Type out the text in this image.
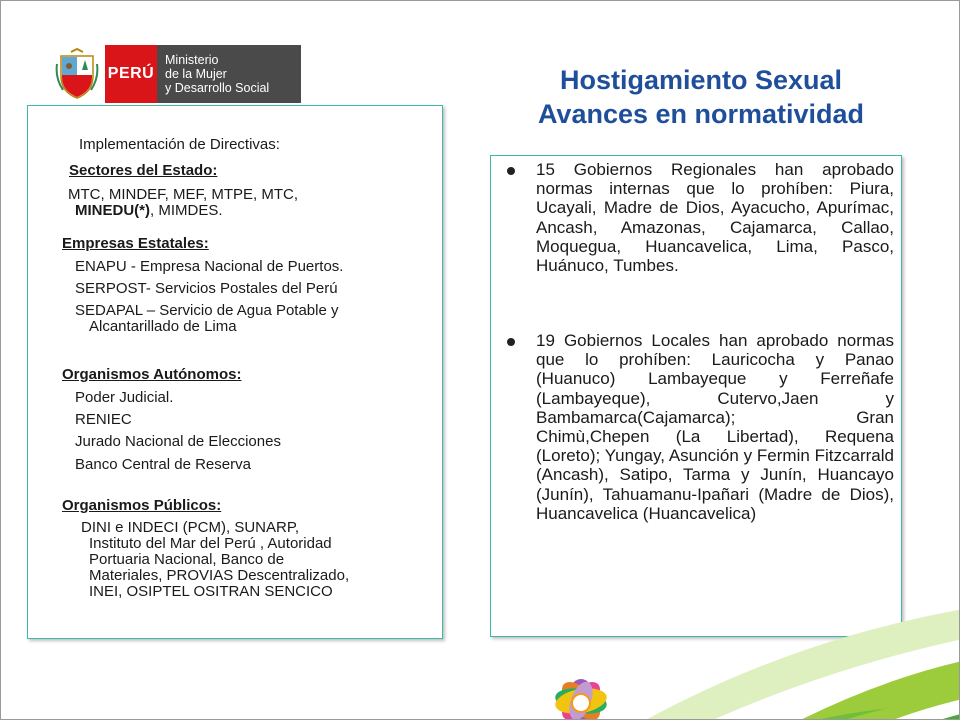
PERÚ
Ministerio
de la Mujer
y Desarrollo Social	Hostigamiento Sexual
Avances en normatividad
Implementación de Directivas:
Sectores del Estado:
MTC, MINDEF, MEF, MTPE, MTC,
MINEDU(*), MIMDES.
Empresas Estatales:
ENAPU - Empresa Nacional de Puertos.
SERPOST- Servicios Postales del Perú
SEDAPAL – Servicio de Agua Potable y
Alcantarillado de Lima
Organismos Autónomos:
Poder Judicial.
RENIEC
Jurado Nacional de Elecciones
Banco Central de Reserva
Organismos Públicos:
DINI e INDECI (PCM), SUNARP,
Instituto del Mar del Perú , Autoridad
Portuaria Nacional, Banco de
Materiales, PROVIAS Descentralizado,
INEI, OSIPTEL OSITRAN SENCICO
15 Gobiernos Regionales han aprobado normas internas que lo prohíben: Piura, Ucayali, Madre de Dios, Ayacucho, Apurímac, Ancash, Amazonas, Cajamarca, Callao, Moquegua, Huancavelica, Lima, Pasco, Huánuco, Tumbes.
19 Gobiernos Locales han aprobado normas que lo prohíben: Lauricocha y Panao (Huanuco) Lambayeque y Ferreñafe (Lambayeque), Cutervo,Jaen y Bambamarca(Cajamarca); Gran Chimù,Chepen (La Libertad), Requena (Loreto); Yungay, Asunción y Fermin Fitzcarrald (Ancash), Satipo, Tarma y Junín, Huancayo (Junín), Tahuamanu-Ipañari (Madre de Dios), Huancavelica (Huancavelica)
